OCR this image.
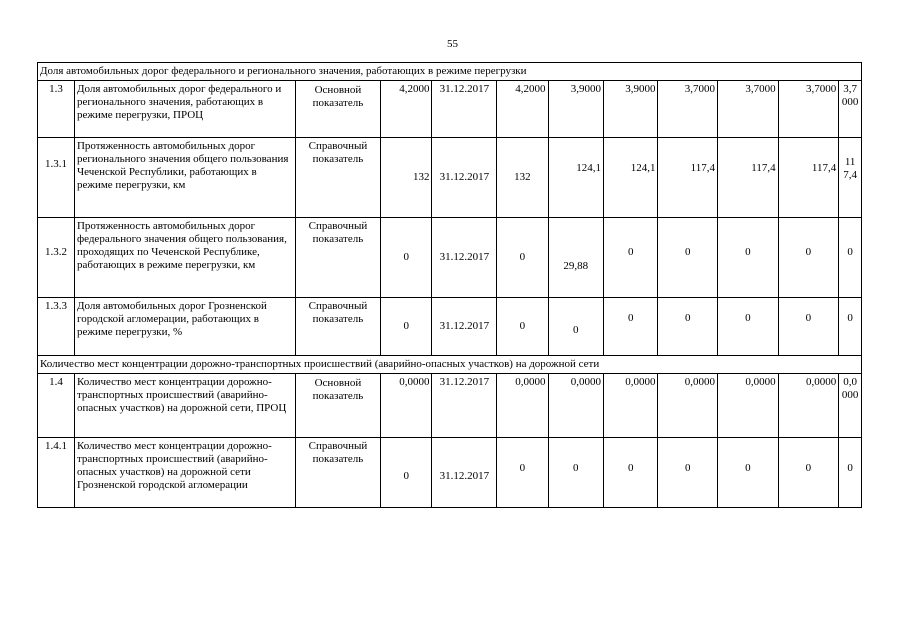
55
Доля автомобильных дорог федерального и регионального значения, работающих в режиме перегрузки											
1.3	Доля автомобильных дорог федерального и регионального значения, работающих в режиме перегрузки, ПРОЦ	Основной показатель	4,2000	31.12.2017	4,2000	3,9000	3,9000	3,7000	3,7000	3,7000	3,7000
1.3.1	Протяженность автомобильных дорог регионального значения общего пользования Чеченской Республики, работающих в режиме перегрузки, км	Справочный показатель	132	31.12.2017	132	124,1	124,1	117,4	117,4	117,4	117,4
1.3.2	Протяженность автомобильных дорог федерального значения общего пользования, проходящих по Чеченской Республике, работающих в режиме перегрузки, км	Справочный показатель	0	31.12.2017	0	29,88	0	0	0	0	0
1.3.3	Доля автомобильных дорог Грозненской городской агломерации, работающих в режиме перегрузки, %	Справочный показатель	0	31.12.2017	0	0	0	0	0	0	0
Количество мест концентрации дорожно-транспортных происшествий (аварийно-опасных участков) на дорожной сети											
1.4	Количество мест концентрации дорожно-транспортных происшествий (аварийно-опасных участков) на дорожной сети, ПРОЦ	Основной показатель	0,0000	31.12.2017	0,0000	0,0000	0,0000	0,0000	0,0000	0,0000	0,0000
1.4.1	Количество мест концентрации дорожно-транспортных происшествий (аварийно-опасных участков) на дорожной сети Грозненской городской агломерации	Справочный показатель	0	31.12.2017	0	0	0	0	0	0	0
